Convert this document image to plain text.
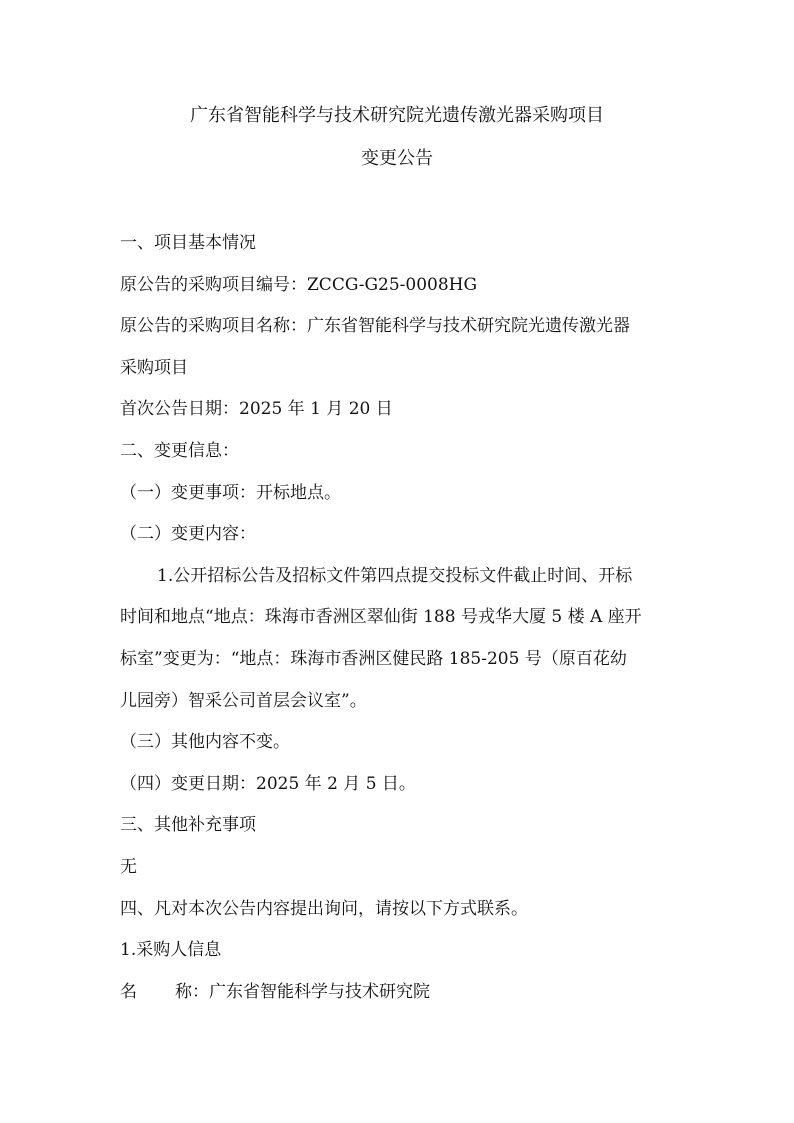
广东省智能科学与技术研究院光遗传激光器采购项目
变更公告
一、项目基本情况
原公告的采购项目编号：ZCCG-G25-0008HG
原公告的采购项目名称：广东省智能科学与技术研究院光遗传激光器
采购项目
首次公告日期：2025 年 1 月 20 日
二、变更信息：
（一）变更事项：开标地点。
（二）变更内容：
1.公开招标公告及招标文件第四点提交投标文件截止时间、开标
时间和地点“地点：珠海市香洲区翠仙街 188 号戎华大厦 5 楼 A 座开
标室”变更为：“地点：珠海市香洲区健民路 185-205 号（原百花幼
儿园旁）智采公司首层会议室”。
（三）其他内容不变。
（四）变更日期：2025 年 2 月 5 日。
三、其他补充事项
无
四、凡对本次公告内容提出询问，请按以下方式联系。
1.采购人信息
名	称：广东省智能科学与技术研究院
